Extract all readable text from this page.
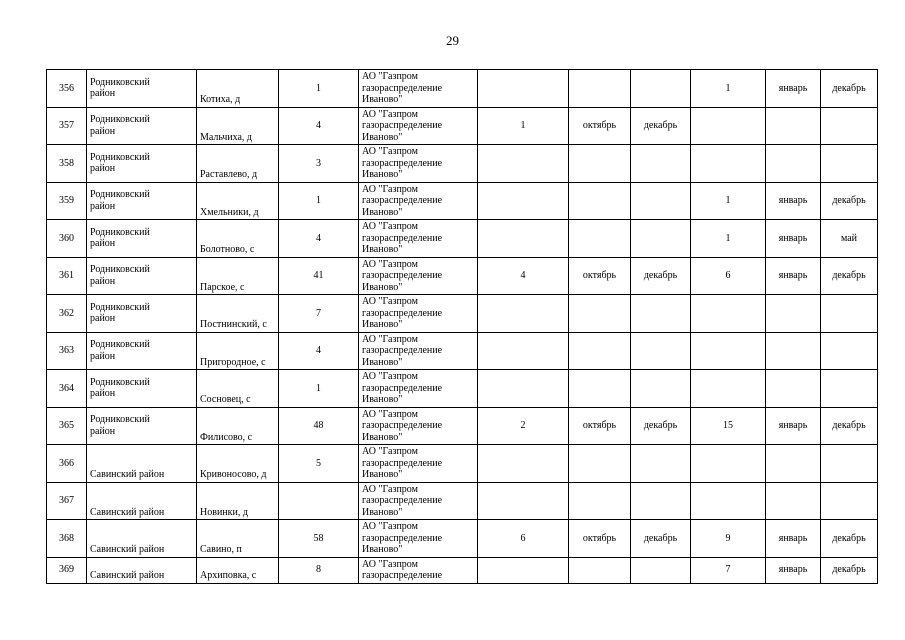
29
356	Родниковский
район	Котиха, д	1	АО "Газпром
газораспределение
Иваново"				1	январь	декабрь
357	Родниковский
район	Мальчиха, д	4	АО "Газпром
газораспределение
Иваново"	1	октябрь	декабрь			
358	Родниковский
район	Раставлево, д	3	АО "Газпром
газораспределение
Иваново"						

359	Родниковский
район	Хмельники, д	1	АО "Газпром
газораспределение
Иваново"				1	январь	декабрь
360	Родниковский
район	Болотново, с	4	АО "Газпром
газораспределение
Иваново"				1	январь	май
361	Родниковский
район	Парское, с	41	АО "Газпром
газораспределение
Иваново"	4	октябрь	декабрь	6	январь	декабрь
362	Родниковский
район	Постнинский, с	7	АО "Газпром
газораспределение
Иваново"						

363	Родниковский
район	Пригородное, с	4	АО "Газпром
газораспределение
Иваново"						

364	Родниковский
район	Сосновец, с	1	АО "Газпром
газораспределение
Иваново"						

365	Родниковский
район	Филисово, с	48	АО "Газпром
газораспределение
Иваново"	2	октябрь	декабрь	15	январь	декабрь
366	Савинский район	Кривоносово, д	5	АО "Газпром
газораспределение
Иваново"						

367	Савинский район	Новинки, д		АО "Газпром
газораспределение
Иваново"						

368	Савинский район	Савино, п	58	АО "Газпром
газораспределение
Иваново"	6	октябрь	декабрь	9	январь	декабрь
369	Савинский район	Архиповка, с	8	АО "Газпром
газораспределение				7	январь	декабрь
